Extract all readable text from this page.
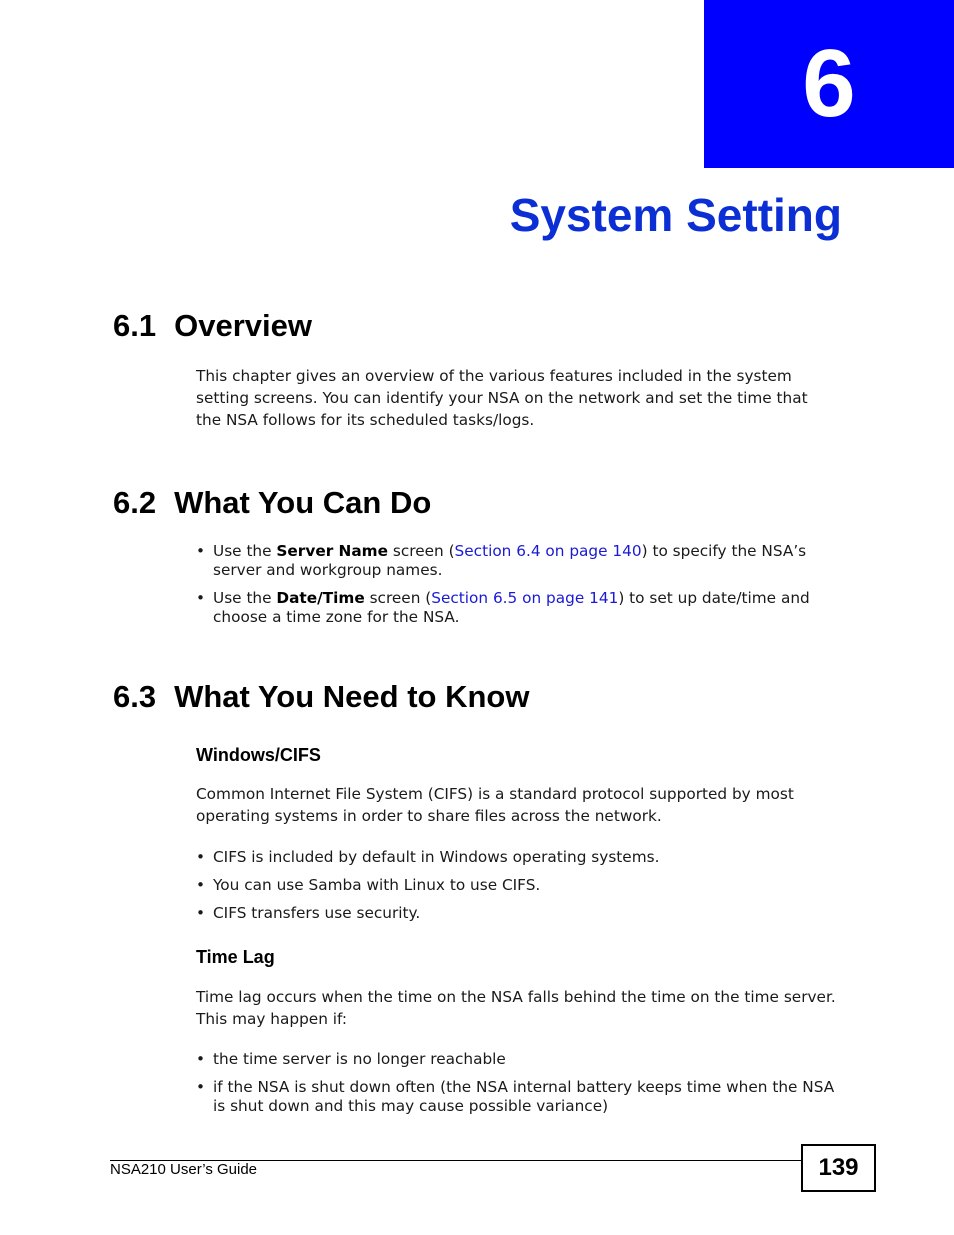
6
System Setting
6.1 Overview

This chapter gives an overview of the various features included in the system setting screens. You can identify your NSA on the network and set the time that the NSA follows for its scheduled tasks/logs.

6.2 What You Can Do
• Use the Server Name screen (Section 6.4 on page 140) to specify the NSA’s server and workgroup names.
• Use the Date/Time screen (Section 6.5 on page 141) to set up date/time and choose a time zone for the NSA.
6.3 What You Need to Know
Windows/CIFS

Common Internet File System (CIFS) is a standard protocol supported by most operating systems in order to share files across the network.

• CIFS is included by default in Windows operating systems.
• You can use Samba with Linux to use CIFS.
• CIFS transfers use security.
Time Lag

Time lag occurs when the time on the NSA falls behind the time on the time server. This may happen if:

• the time server is no longer reachable
• if the NSA is shut down often (the NSA internal battery keeps time when the NSA is shut down and this may cause possible variance)
NSA210 User’s Guide	139
